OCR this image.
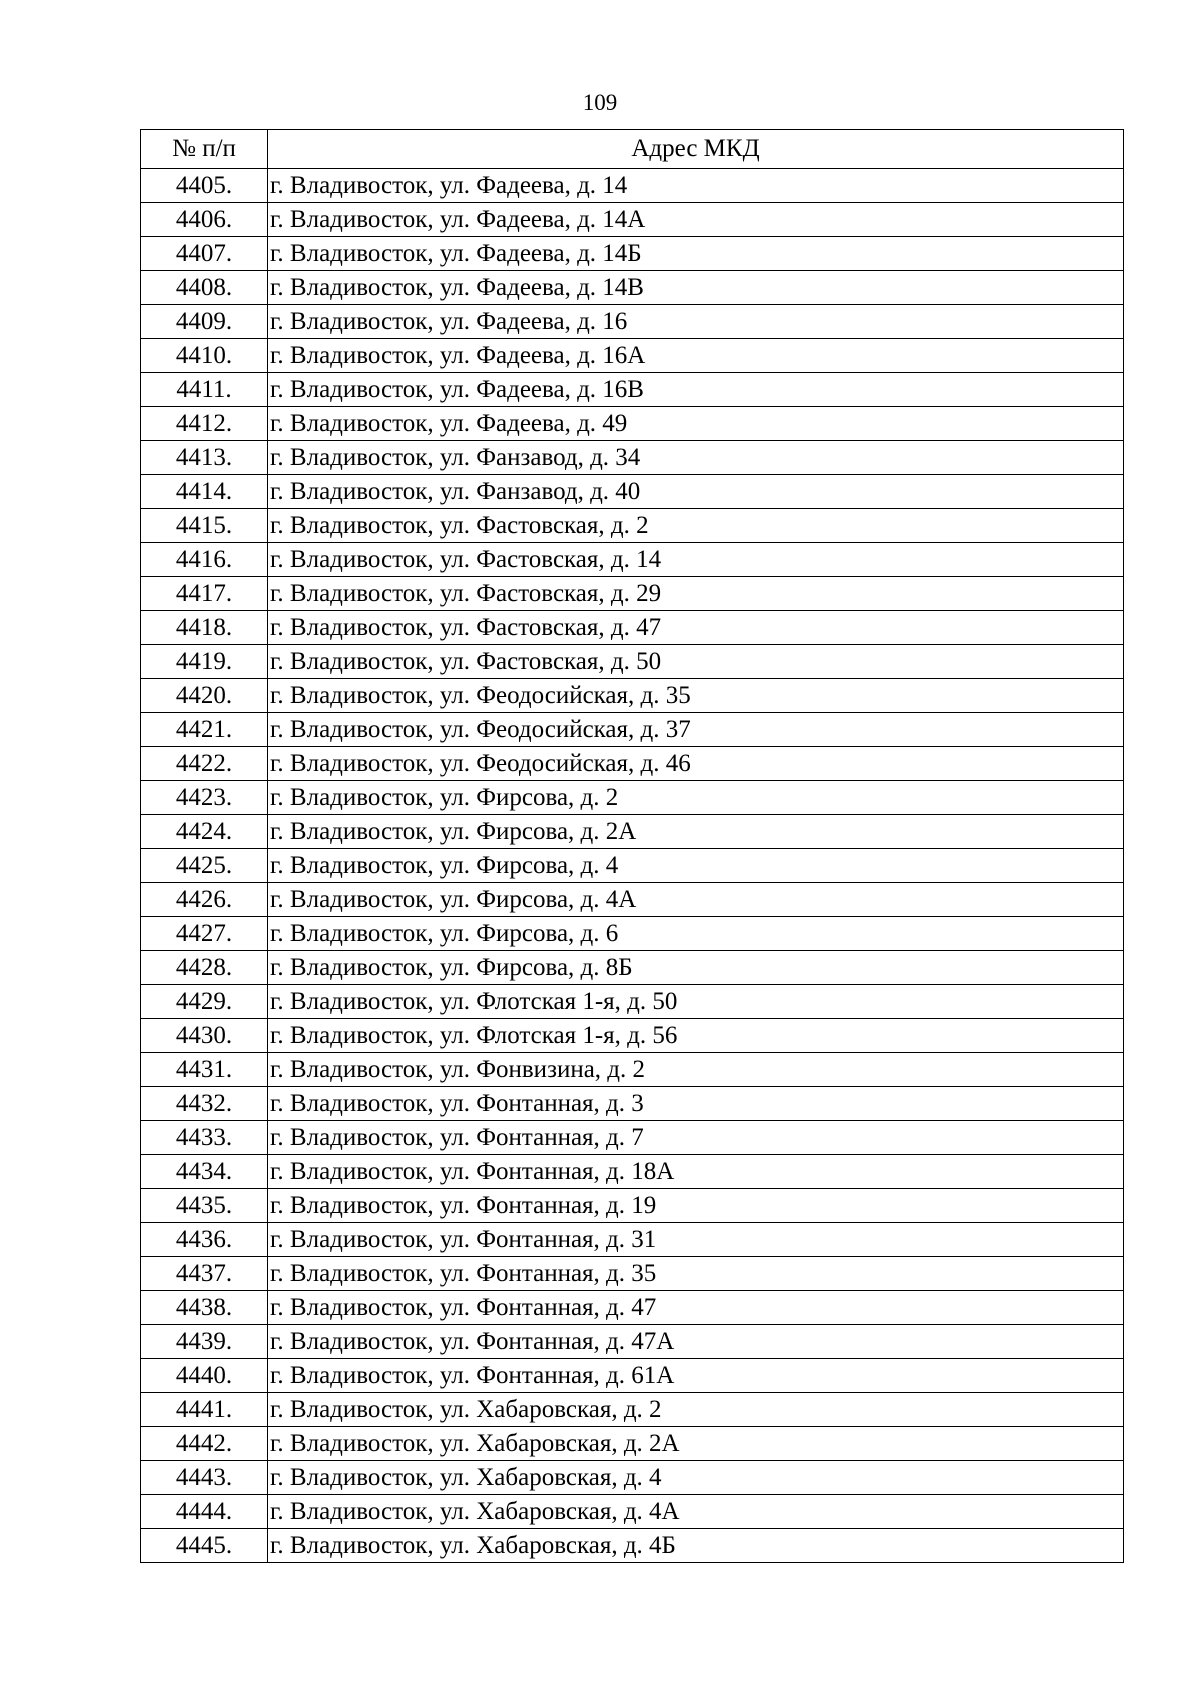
109
№ п/п	Адрес МКД
4405.	г. Владивосток, ул. Фадеева, д. 14
4406.	г. Владивосток, ул. Фадеева, д. 14А
4407.	г. Владивосток, ул. Фадеева, д. 14Б
4408.	г. Владивосток, ул. Фадеева, д. 14В
4409.	г. Владивосток, ул. Фадеева, д. 16
4410.	г. Владивосток, ул. Фадеева, д. 16А
4411.	г. Владивосток, ул. Фадеева, д. 16В
4412.	г. Владивосток, ул. Фадеева, д. 49
4413.	г. Владивосток, ул. Фанзавод, д. 34
4414.	г. Владивосток, ул. Фанзавод, д. 40
4415.	г. Владивосток, ул. Фастовская, д. 2
4416.	г. Владивосток, ул. Фастовская, д. 14
4417.	г. Владивосток, ул. Фастовская, д. 29
4418.	г. Владивосток, ул. Фастовская, д. 47
4419.	г. Владивосток, ул. Фастовская, д. 50
4420.	г. Владивосток, ул. Феодосийская, д. 35
4421.	г. Владивосток, ул. Феодосийская, д. 37
4422.	г. Владивосток, ул. Феодосийская, д. 46
4423.	г. Владивосток, ул. Фирсова, д. 2
4424.	г. Владивосток, ул. Фирсова, д. 2А
4425.	г. Владивосток, ул. Фирсова, д. 4
4426.	г. Владивосток, ул. Фирсова, д. 4А
4427.	г. Владивосток, ул. Фирсова, д. 6
4428.	г. Владивосток, ул. Фирсова, д. 8Б
4429.	г. Владивосток, ул. Флотская 1-я, д. 50
4430.	г. Владивосток, ул. Флотская 1-я, д. 56
4431.	г. Владивосток, ул. Фонвизина, д. 2
4432.	г. Владивосток, ул. Фонтанная, д. 3
4433.	г. Владивосток, ул. Фонтанная, д. 7
4434.	г. Владивосток, ул. Фонтанная, д. 18А
4435.	г. Владивосток, ул. Фонтанная, д. 19
4436.	г. Владивосток, ул. Фонтанная, д. 31
4437.	г. Владивосток, ул. Фонтанная, д. 35
4438.	г. Владивосток, ул. Фонтанная, д. 47
4439.	г. Владивосток, ул. Фонтанная, д. 47А
4440.	г. Владивосток, ул. Фонтанная, д. 61А
4441.	г. Владивосток, ул. Хабаровская, д. 2
4442.	г. Владивосток, ул. Хабаровская, д. 2А
4443.	г. Владивосток, ул. Хабаровская, д. 4
4444.	г. Владивосток, ул. Хабаровская, д. 4А
4445.	г. Владивосток, ул. Хабаровская, д. 4Б
